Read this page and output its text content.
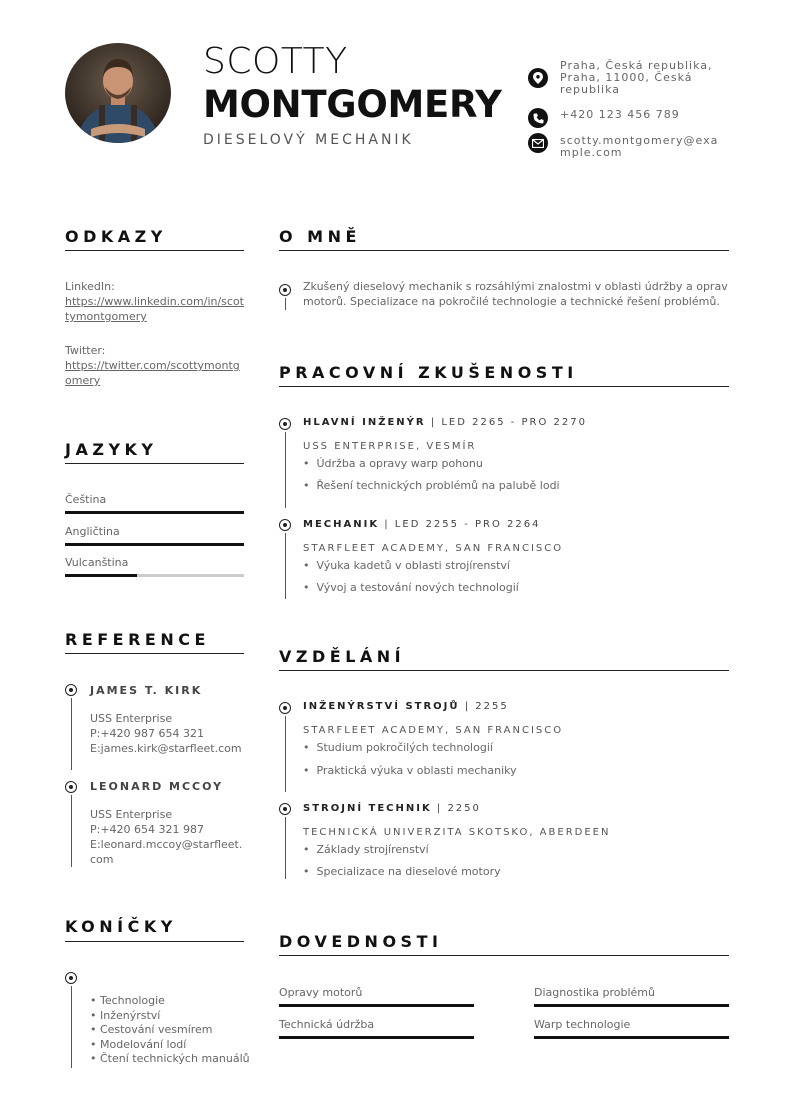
SCOTTY
MONTGOMERY
DIESELOVÝ MECHANIK
Praha, Česká republika, Praha, 11000, Česká republika
+420 123 456 789
scotty.montgomery@example.com
ODKAZY
LinkedIn:
https://www.linkedin.com/in/scottymontgomery
Twitter:
https://twitter.com/scottymontgomery
JAZYKY
Čeština
Angličtina
Vulcanština
REFERENCE
JAMES T. KIRK
USS Enterprise
P:+420 987 654 321
E:james.kirk@starfleet.com
LEONARD MCCOY
USS Enterprise
P:+420 654 321 987
E:leonard.mccoy@starfleet.com
KONÍČKY
• Technologie
• Inženýrství
• Cestování vesmírem
• Modelování lodí
• Čtení technických manuálů
O MNĚ
Zkušený dieselový mechanik s rozsáhlými znalostmi v oblasti údržby a oprav motorů. Specializace na pokročilé technologie a technické řešení problémů.
PRACOVNÍ ZKUŠENOSTI
HLAVNÍ INŽENÝR | LED 2265 - PRO 2270
USS ENTERPRISE, VESMÍR
•  Údržba a opravy warp pohonu
•  Řešení technických problémů na palubě lodi
MECHANIK | LED 2255 - PRO 2264
STARFLEET ACADEMY, SAN FRANCISCO
•  Výuka kadetů v oblasti strojírenství
•  Vývoj a testování nových technologií
VZDĚLÁNÍ
INŽENÝRSTVÍ STROJŮ | 2255
STARFLEET ACADEMY, SAN FRANCISCO
•  Studium pokročilých technologií
•  Praktická výuka v oblasti mechaniky
STROJNÍ TECHNIK | 2250
TECHNICKÁ UNIVERZITA SKOTSKO, ABERDEEN
•  Základy strojírenství
•  Specializace na dieselové motory
DOVEDNOSTI
Opravy motorů	Diagnostika problémů
Technická údržba	Warp technologie
